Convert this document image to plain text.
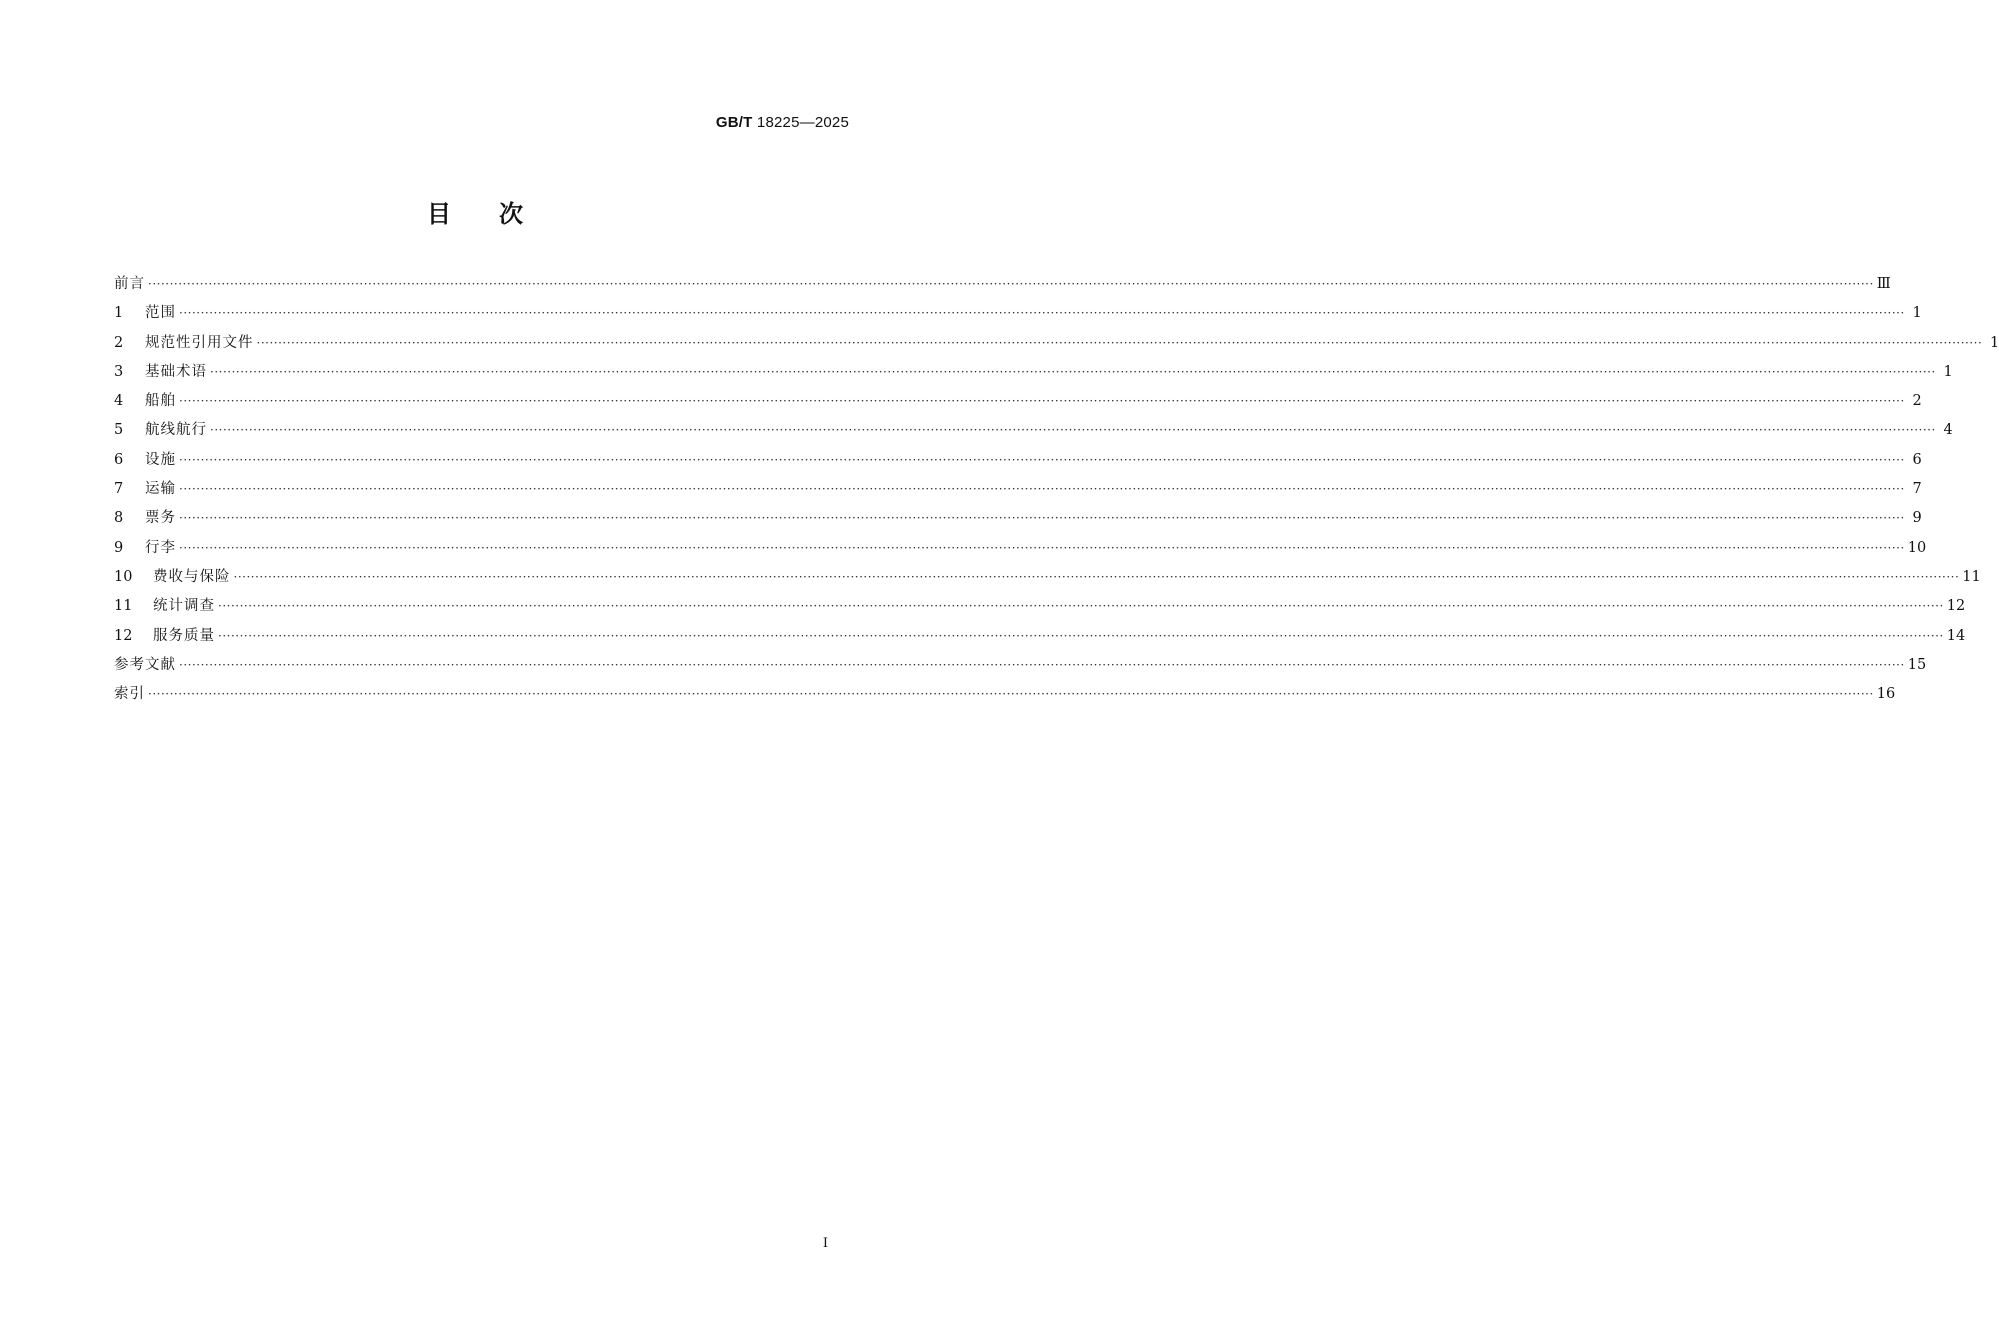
GB/T 18225—2025
目次
前言 ················································································································································································································································································································································································································ Ⅲ
1	范围 ················································································································································································································································································································································································································ 1
2	规范性引用文件 ················································································································································································································································································································································································································ 1
3	基础术语 ················································································································································································································································································································································································································ 1
4	船舶 ················································································································································································································································································································································································································ 2
5	航线航行 ················································································································································································································································································································································································································ 4
6	设施 ················································································································································································································································································································································································································ 6
7	运输 ················································································································································································································································································································································································································ 7
8	票务 ················································································································································································································································································································································································································ 9
9	行李 ················································································································································································································································································································································································································ 10
10	费收与保险 ················································································································································································································································································································································································································ 11
11	统计调查 ················································································································································································································································································································································································································ 12
12	服务质量 ················································································································································································································································································································································································································ 14
参考文献 ················································································································································································································································································································································································································ 15
索引 ················································································································································································································································································································································································································ 16
Ⅰ
